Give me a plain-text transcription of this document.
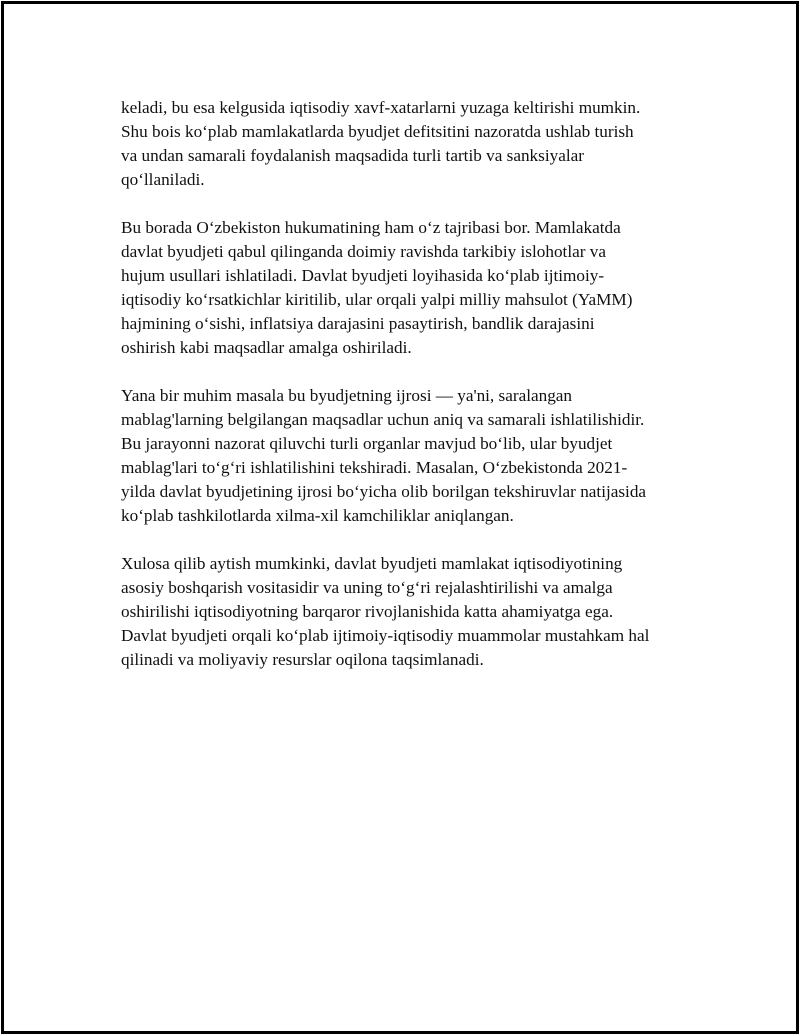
keladi, bu esa kelgusida iqtisodiy xavf-xatarlarni yuzaga keltirishi mumkin.
Shu bois ko‘plab mamlakatlarda byudjet defitsitini nazoratda ushlab turish
va undan samarali foydalanish maqsadida turli tartib va sanksiyalar
qo‘llaniladi.

Bu borada O‘zbekiston hukumatining ham o‘z tajribasi bor. Mamlakatda
davlat byudjeti qabul qilinganda doimiy ravishda tarkibiy islohotlar va
hujum usullari ishlatiladi. Davlat byudjeti loyihasida ko‘plab ijtimoiy-
iqtisodiy ko‘rsatkichlar kiritilib, ular orqali yalpi milliy mahsulot (YaMM)
hajmining o‘sishi, inflatsiya darajasini pasaytirish, bandlik darajasini
oshirish kabi maqsadlar amalga oshiriladi.

Yana bir muhim masala bu byudjetning ijrosi — ya'ni, saralangan
mablag'larning belgilangan maqsadlar uchun aniq va samarali ishlatilishidir.
Bu jarayonni nazorat qiluvchi turli organlar mavjud bo‘lib, ular byudjet
mablag'lari to‘g‘ri ishlatilishini tekshiradi. Masalan, O‘zbekistonda 2021-
yilda davlat byudjetining ijrosi bo‘yicha olib borilgan tekshiruvlar natijasida
ko‘plab tashkilotlarda xilma-xil kamchiliklar aniqlangan.

Xulosa qilib aytish mumkinki, davlat byudjeti mamlakat iqtisodiyotining
asosiy boshqarish vositasidir va uning to‘g‘ri rejalashtirilishi va amalga
oshirilishi iqtisodiyotning barqaror rivojlanishida katta ahamiyatga ega.
Davlat byudjeti orqali ko‘plab ijtimoiy-iqtisodiy muammolar mustahkam hal
qilinadi va moliyaviy resurslar oqilona taqsimlanadi.
